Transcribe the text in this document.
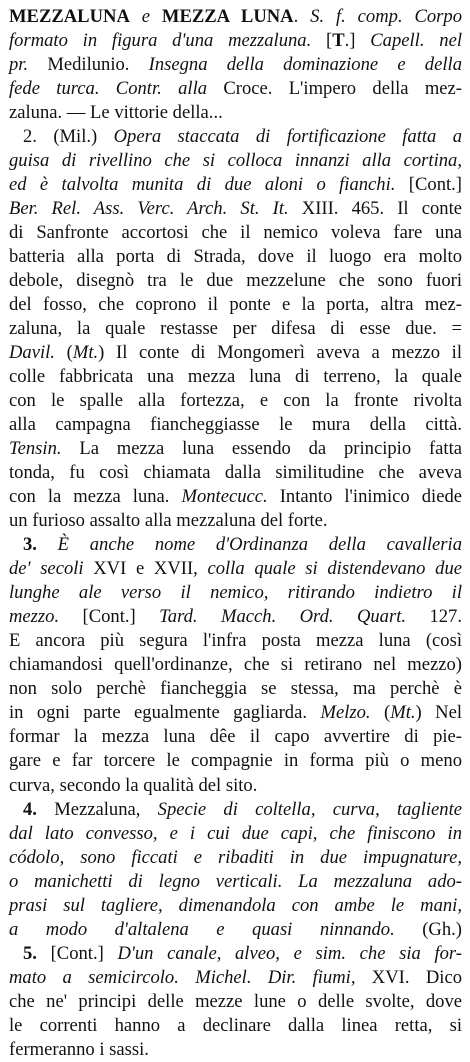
MEZZALUNA e MEZZA LUNA. S. f. comp. Corpo
formato in figura d'una mezzaluna. [T.] Capell. nel
pr. Medilunio. Insegna della dominazione e della
fede turca. Contr. alla Croce. L'impero della mez-
zaluna. — Le vittorie della...
2. (Mil.) Opera staccata di fortificazione fatta a
guisa di rivellino che si colloca innanzi alla cortina,
ed è talvolta munita di due aloni o fianchi. [Cont.]
Ber. Rel. Ass. Verc. Arch. St. It. XIII. 465. Il conte
di Sanfronte accortosi che il nemico voleva fare una
batteria alla porta di Strada, dove il luogo era molto
debole, disegnò tra le due mezzelune che sono fuori
del fosso, che coprono il ponte e la porta, altra mez-
zaluna, la quale restasse per difesa di esse due. =
Davil. (Mt.) Il conte di Mongomerì aveva a mezzo il
colle fabbricata una mezza luna di terreno, la quale
con le spalle alla fortezza, e con la fronte rivolta
alla campagna fiancheggiasse le mura della città.
Tensin. La mezza luna essendo da principio fatta
tonda, fu così chiamata dalla similitudine che aveva
con la mezza luna. Montecucc. Intanto l'inimico diede
un furioso assalto alla mezzaluna del forte.
3. È anche nome d'Ordinanza della cavalleria
de' secoli XVI e XVII, colla quale si distendevano due
lunghe ale verso il nemico, ritirando indietro il
mezzo. [Cont.] Tard. Macch. Ord. Quart. 127.
E ancora più segura l'infra posta mezza luna (così
chiamandosi quell'ordinanze, che si retirano nel mezzo)
non solo perchè fiancheggia se stessa, ma perchè è
in ogni parte egualmente gagliarda. Melzo. (Mt.) Nel
formar la mezza luna dêe il capo avvertire di pie-
gare e far torcere le compagnie in forma più o meno
curva, secondo la qualità del sito.
4. Mezzaluna, Specie di coltella, curva, tagliente
dal lato convesso, e i cui due capi, che finiscono in
códolo, sono ficcati e ribaditi in due impugnature,
o manichetti di legno verticali. La mezzaluna ado-
prasi sul tagliere, dimenandola con ambe le mani,
a modo d'altalena e quasi ninnando. (Gh.)
5. [Cont.] D'un canale, alveo, e sim. che sia for-
mato a semicircolo. Michel. Dir. fiumi, XVI. Dico
che ne' principi delle mezze lune o delle svolte, dove
le correnti hanno a declinare dalla linea retta, si
fermeranno i sassi.
